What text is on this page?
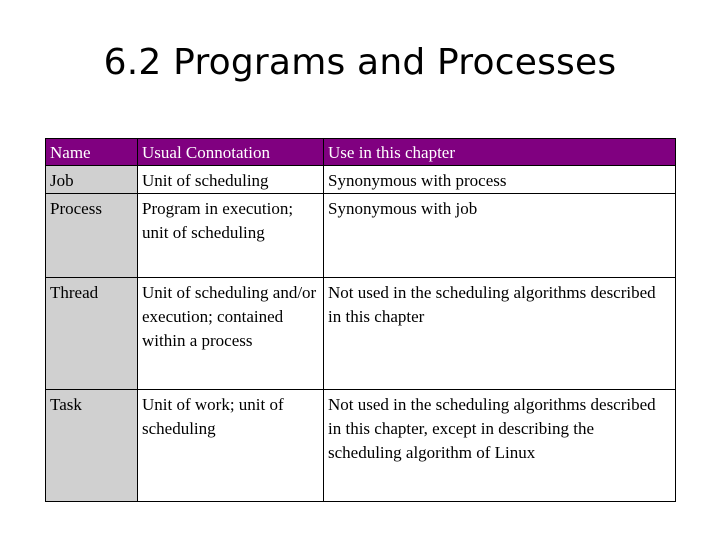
6.2 Programs and Processes
Name	Usual Connotation	Use in this chapter
Job	Unit of scheduling	Synonymous with process
Process	Program in execution; unit of scheduling	Synonymous with job
Thread	Unit of scheduling and/or execution; contained within a process	Not used in the scheduling algorithms described in this chapter
Task	Unit of work; unit of scheduling	Not used in the scheduling algorithms described in this chapter, except in describing the scheduling algorithm of Linux
